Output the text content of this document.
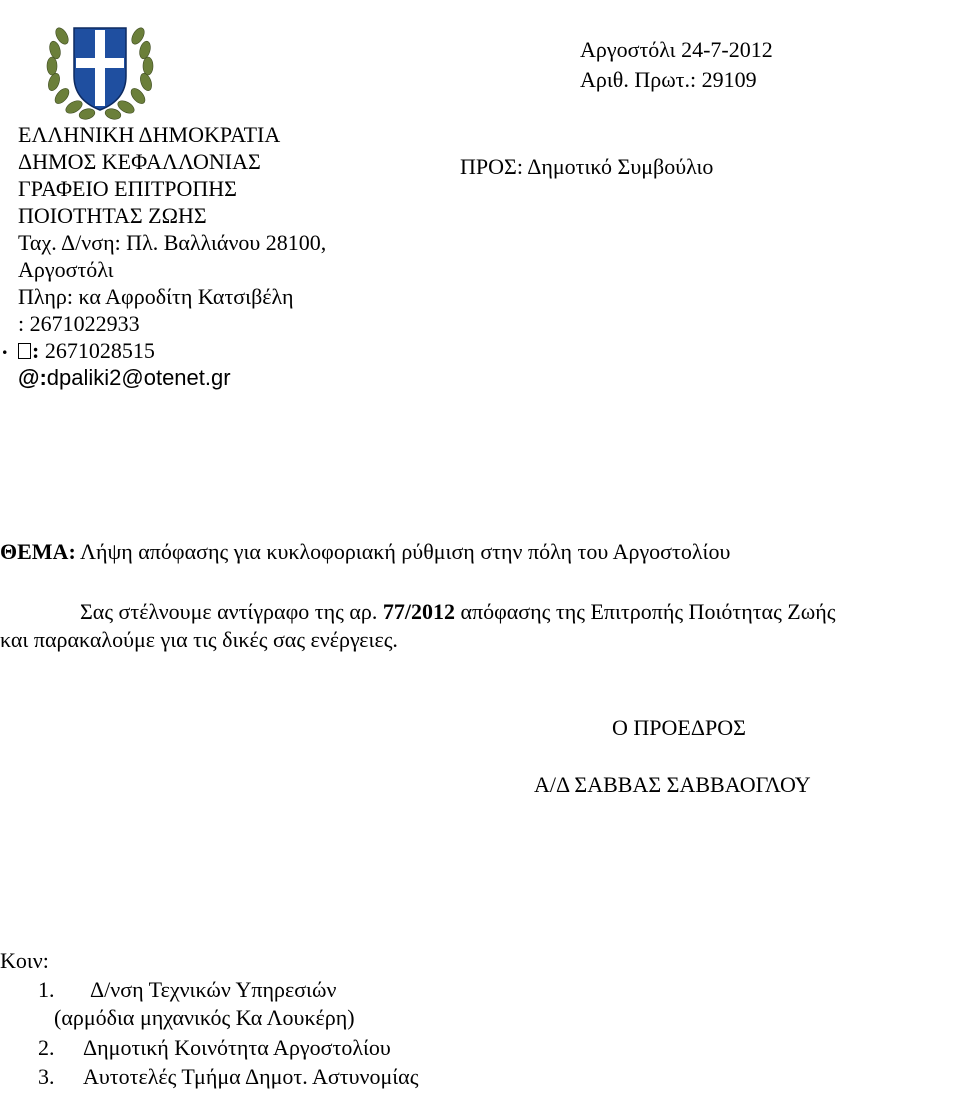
ΕΛΛΗΝΙΚΗ ΔΗΜΟΚΡΑΤΙΑ
ΔΗΜΟΣ ΚΕΦΑΛΛΟΝΙΑΣ
ΓΡΑΦΕΙΟ ΕΠΙΤΡΟΠΗΣ
ΠΟΙΟΤΗΤΑΣ ΖΩΗΣ
Ταχ. Δ/νση: Πλ. Βαλλιάνου 28100,
Αργοστόλι
Πληρ: κα Αφροδίτη Κατσιβέλη
: 2671022933
: 2671028515
@:dpaliki2@otenet.gr
.
Αργοστόλι 24-7-2012
Αριθ. Πρωτ.: 29109
ΠΡΟΣ: Δημοτικό Συμβούλιο
ΘΕΜΑ: Λήψη απόφασης για κυκλοφοριακή ρύθμιση στην πόλη του Αργοστολίου
Σας στέλνουμε αντίγραφο της αρ. 77/2012 απόφασης της Επιτροπής Ποιότητας Ζωής
και παρακαλούμε για τις δικές σας ενέργειες.
Ο ΠΡΟΕΔΡΟΣ
Α/Δ ΣΑΒΒΑΣ ΣΑΒΒΑΟΓΛΟΥ
Κοιν:
1. Δ/νση Τεχνικών Υπηρεσιών
(αρμόδια μηχανικός Κα Λουκέρη)
2. Δημοτική Κοινότητα Αργοστολίου
3. Αυτοτελές Τμήμα Δημοτ. Αστυνομίας
